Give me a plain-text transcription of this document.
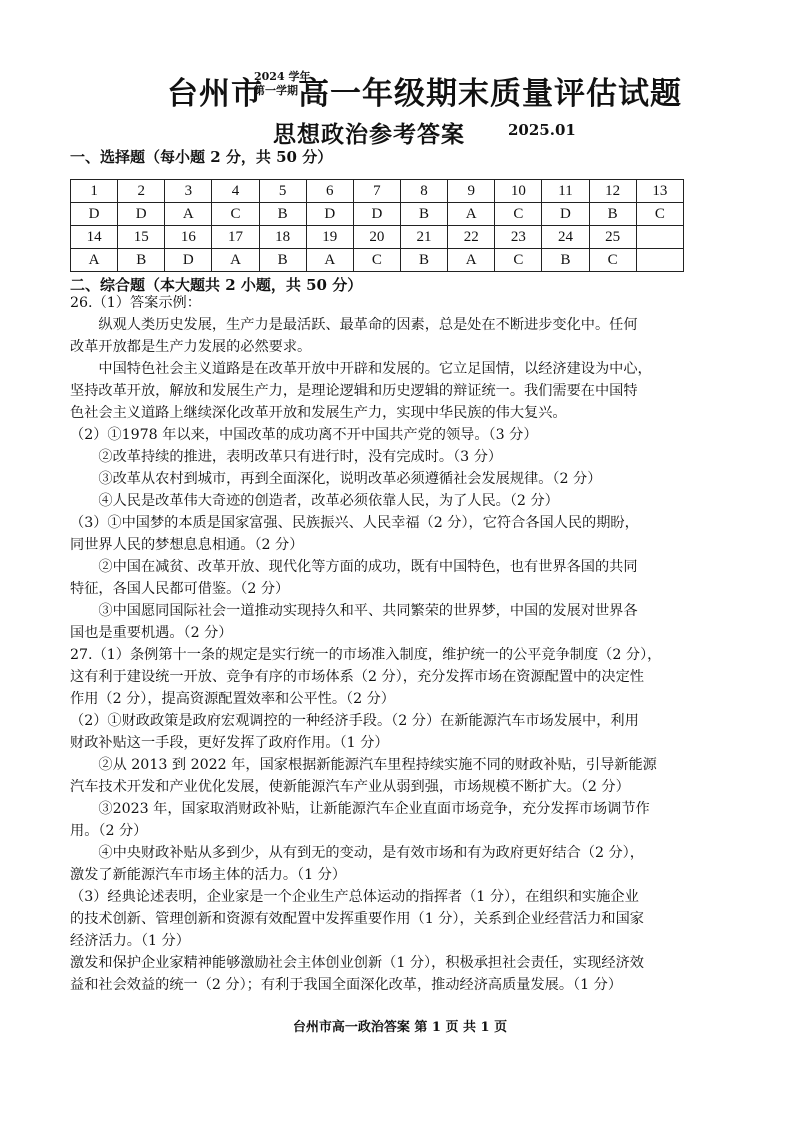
台州市
2024 学年
第一学期 高一年级期末质量评估试题
思想政治参考答案	2025.01
一、选择题（每小题 2 分，共 50 分）
1	2	3	4	5	6	7	8	9	10	11	12	13
D	D	A	C	B	D	D	B	A	C	D	B	C
14	15	16	17	18	19	20	21	22	23	24	25	
A	B	D	A	B	A	C	B	A	C	B	C	
二、综合题（本大题共 2 小题，共 50 分）
26.（1）答案示例：
　　纵观人类历史发展，生产力是最活跃、最革命的因素，总是处在不断进步变化中。任何
改革开放都是生产力发展的必然要求。
　　中国特色社会主义道路是在改革开放中开辟和发展的。它立足国情，以经济建设为中心，
坚持改革开放，解放和发展生产力，是理论逻辑和历史逻辑的辩证统一。我们需要在中国特
色社会主义道路上继续深化改革开放和发展生产力，实现中华民族的伟大复兴。
（2）①1978 年以来，中国改革的成功离不开中国共产党的领导。（3 分）
　　②改革持续的推进，表明改革只有进行时，没有完成时。（3 分）
　　③改革从农村到城市，再到全面深化，说明改革必须遵循社会发展规律。（2 分）
　　④人民是改革伟大奇迹的创造者，改革必须依靠人民，为了人民。（2 分）
（3）①中国梦的本质是国家富强、民族振兴、人民幸福（2 分），它符合各国人民的期盼，
同世界人民的梦想息息相通。（2 分）
　　②中国在减贫、改革开放、现代化等方面的成功，既有中国特色，也有世界各国的共同
特征，各国人民都可借鉴。（2 分）
　　③中国愿同国际社会一道推动实现持久和平、共同繁荣的世界梦，中国的发展对世界各
国也是重要机遇。（2 分）
27.（1）条例第十一条的规定是实行统一的市场准入制度，维护统一的公平竞争制度（2 分），
这有利于建设统一开放、竞争有序的市场体系（2 分），充分发挥市场在资源配置中的决定性
作用（2 分），提高资源配置效率和公平性。（2 分）
（2）①财政政策是政府宏观调控的一种经济手段。（2 分）在新能源汽车市场发展中，利用
财政补贴这一手段，更好发挥了政府作用。（1 分）
　　②从 2013 到 2022 年，国家根据新能源汽车里程持续实施不同的财政补贴，引导新能源
汽车技术开发和产业优化发展，使新能源汽车产业从弱到强，市场规模不断扩大。（2 分）
　　③2023 年，国家取消财政补贴，让新能源汽车企业直面市场竞争，充分发挥市场调节作
用。（2 分）
　　④中央财政补贴从多到少，从有到无的变动，是有效市场和有为政府更好结合（2 分），
激发了新能源汽车市场主体的活力。（1 分）
（3）经典论述表明，企业家是一个企业生产总体运动的指挥者（1 分），在组织和实施企业
的技术创新、管理创新和资源有效配置中发挥重要作用（1 分），关系到企业经营活力和国家
经济活力。（1 分）
激发和保护企业家精神能够激励社会主体创业创新（1 分），积极承担社会责任，实现经济效
益和社会效益的统一（2 分）；有利于我国全面深化改革，推动经济高质量发展。（1 分）
台州市高一政治答案 第 1 页 共 1 页
